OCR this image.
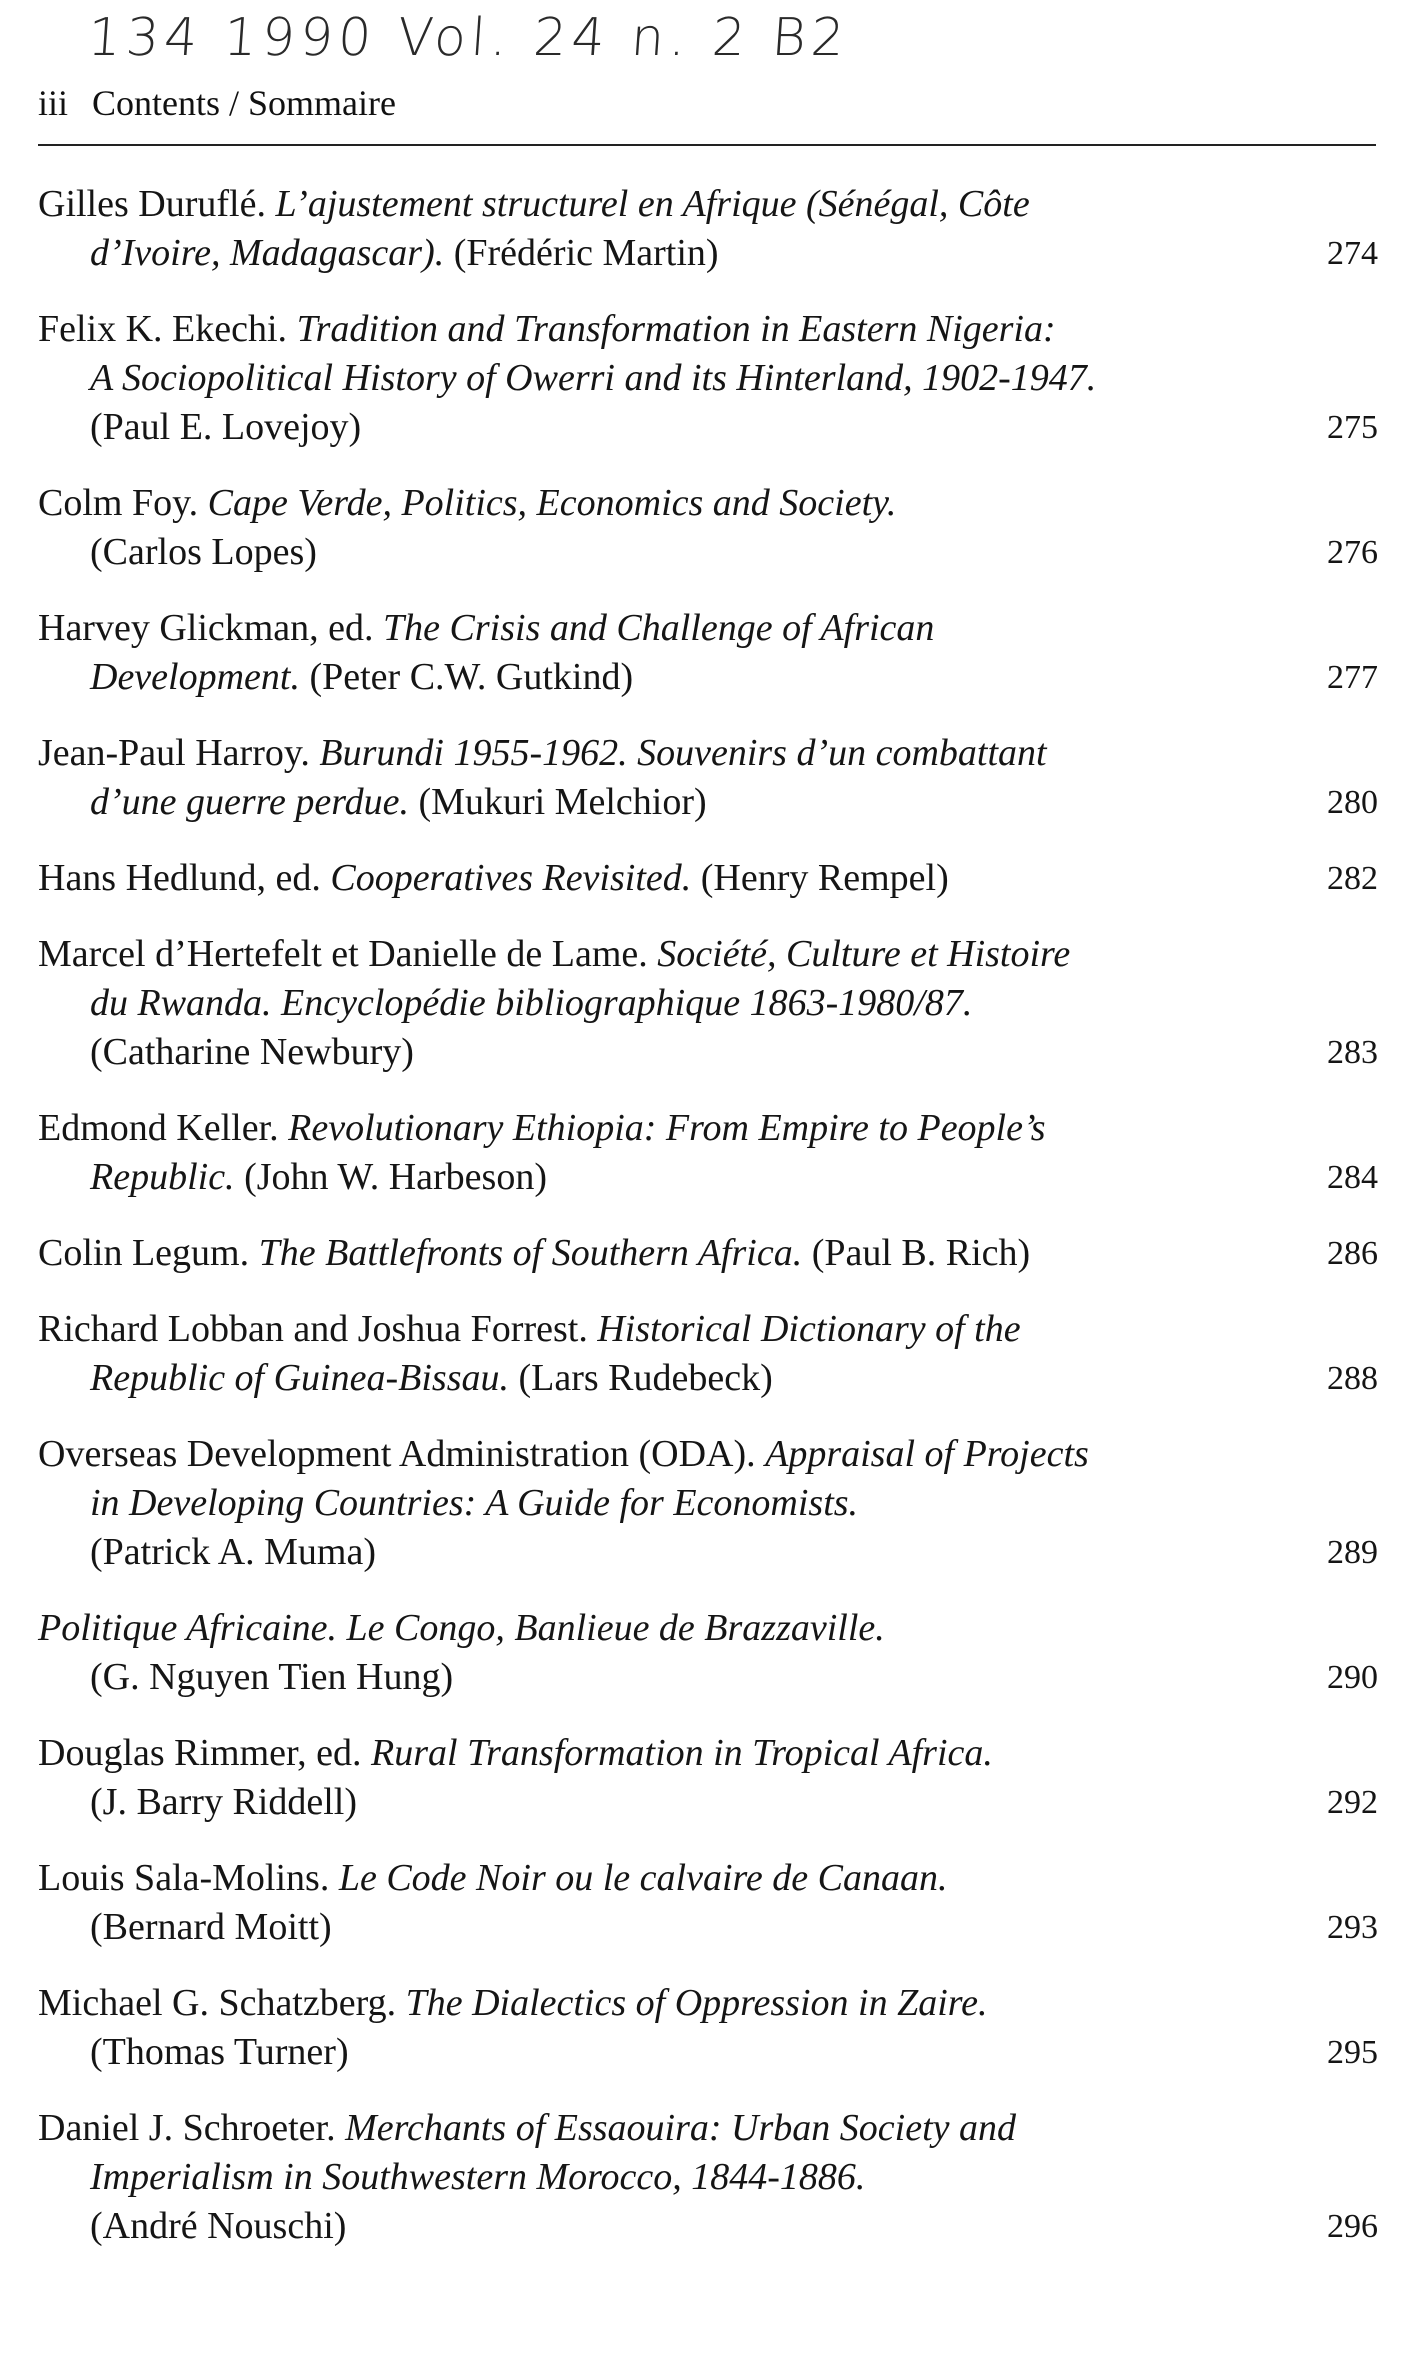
134 1990 Vol. 24 n. 2 B2
iii Contents / Sommaire
Gilles Duruflé. L’ajustement structurel en Afrique (Sénégal, Côte
d’Ivoire, Madagascar). (Frédéric Martin)	274
Felix K. Ekechi. Tradition and Transformation in Eastern Nigeria:
A Sociopolitical History of Owerri and its Hinterland, 1902-1947.
(Paul E. Lovejoy)	275
Colm Foy. Cape Verde, Politics, Economics and Society.
(Carlos Lopes)	276
Harvey Glickman, ed. The Crisis and Challenge of African
Development. (Peter C.W. Gutkind)	277
Jean-Paul Harroy. Burundi 1955-1962. Souvenirs d’un combattant
d’une guerre perdue. (Mukuri Melchior)	280
Hans Hedlund, ed. Cooperatives Revisited. (Henry Rempel)	282
Marcel d’Hertefelt et Danielle de Lame. Société, Culture et Histoire
du Rwanda. Encyclopédie bibliographique 1863-1980/87.
(Catharine Newbury)	283
Edmond Keller. Revolutionary Ethiopia: From Empire to People’s
Republic. (John W. Harbeson)	284
Colin Legum. The Battlefronts of Southern Africa. (Paul B. Rich)	286
Richard Lobban and Joshua Forrest. Historical Dictionary of the
Republic of Guinea-Bissau. (Lars Rudebeck)	288
Overseas Development Administration (ODA). Appraisal of Projects
in Developing Countries: A Guide for Economists.
(Patrick A. Muma)	289
Politique Africaine. Le Congo, Banlieue de Brazzaville.
(G. Nguyen Tien Hung)	290
Douglas Rimmer, ed. Rural Transformation in Tropical Africa.
(J. Barry Riddell)	292
Louis Sala-Molins. Le Code Noir ou le calvaire de Canaan.
(Bernard Moitt)	293
Michael G. Schatzberg. The Dialectics of Oppression in Zaire.
(Thomas Turner)	295
Daniel J. Schroeter. Merchants of Essaouira: Urban Society and
Imperialism in Southwestern Morocco, 1844-1886.
(André Nouschi)	296
